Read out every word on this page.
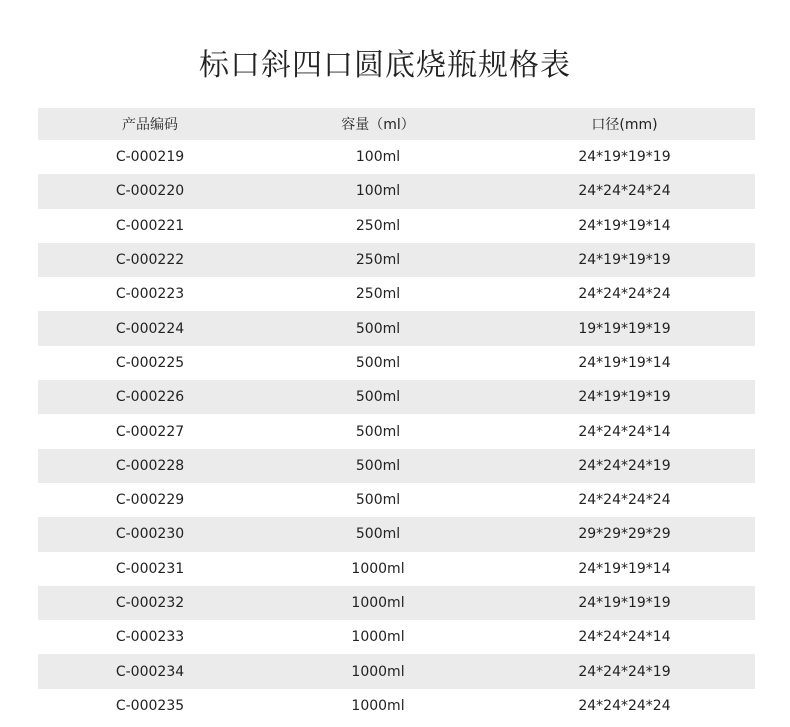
标口斜四口圆底烧瓶规格表
产品编码	容量（ml）	口径(mm)
C-000219	100ml	24*19*19*19
C-000220	100ml	24*24*24*24
C-000221	250ml	24*19*19*14
C-000222	250ml	24*19*19*19
C-000223	250ml	24*24*24*24
C-000224	500ml	19*19*19*19
C-000225	500ml	24*19*19*14
C-000226	500ml	24*19*19*19
C-000227	500ml	24*24*24*14
C-000228	500ml	24*24*24*19
C-000229	500ml	24*24*24*24
C-000230	500ml	29*29*29*29
C-000231	1000ml	24*19*19*14
C-000232	1000ml	24*19*19*19
C-000233	1000ml	24*24*24*14
C-000234	1000ml	24*24*24*19
C-000235	1000ml	24*24*24*24
